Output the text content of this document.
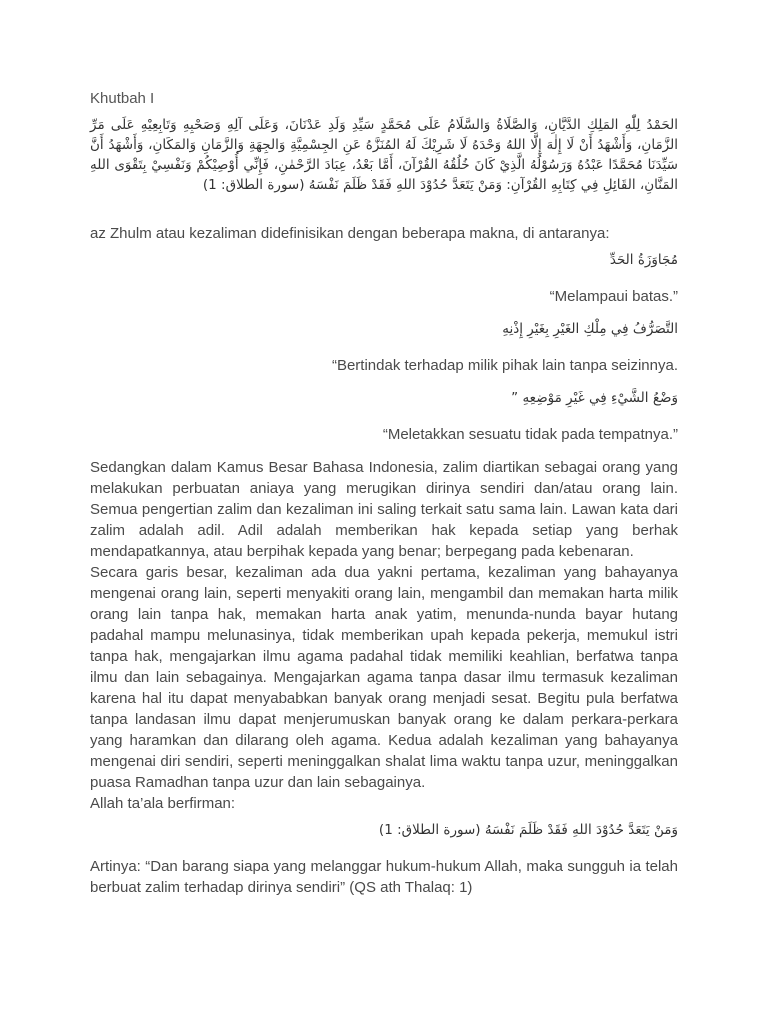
Khutbah I
الحَمْدُ لِلّٰهِ المَلِكِ الدَّيَّانِ، وَالصَّلَاةُ وَالسَّلَامُ عَلَى مُحَمَّدٍ سَيِّدِ وَلَدِ عَدْنَانَ، وَعَلَى آلِهِ وَصَحْبِهِ وَتَابِعِيْهِ عَلَى مَرِّ الزَّمَانِ، وَأَشْهَدُ أَنْ لَا إِلٰهَ إِلَّا اللهُ وَحْدَهُ لَا شَرِيْكَ لَهُ المُنَزَّهُ عَنِ الجِسْمِيَّةِ وَالجِهَةِ وَالزَّمَانِ وَالمَكَانِ، وَأَشْهَدُ أَنَّ سَيِّدَنَا مُحَمَّدًا عَبْدُهُ وَرَسُوْلُهُ الَّذِيْ كَانَ خُلُقُهُ القُرْآنَ، أَمَّا بَعْدُ، عِبَادَ الرَّحْمٰنِ، فَإِنِّي أُوْصِيْكُمْ وَنَفْسِيْ بِتَقْوَى اللهِ المَنَّانِ، القَائِلِ فِي كِتَابِهِ القُرْآنِ: وَمَنْ يَتَعَدَّ حُدُوْدَ اللهِ فَقَدْ ظَلَمَ نَفْسَهُ (سورة الطلاق: 1)

az Zhulm atau kezaliman didefinisikan dengan beberapa makna, di antaranya:

مُجَاوَزَةُ الحَدِّ
“Melampaui batas.”
التَّصَرُّفُ فِي مِلْكِ الغَيْرِ بِغَيْرِ إِذْنِهِ
“Bertindak terhadap milik pihak lain tanpa seizinnya.
وَضْعُ الشَّيْءِ فِي غَيْرِ مَوْضِعِهِ ”
“Meletakkan sesuatu tidak pada tempatnya.”

Sedangkan dalam Kamus Besar Bahasa Indonesia, zalim diartikan sebagai orang yang melakukan perbuatan aniaya yang merugikan dirinya sendiri dan/atau orang lain. Semua pengertian zalim dan kezaliman ini saling terkait satu sama lain. Lawan kata dari zalim adalah adil. Adil adalah memberikan hak kepada setiap yang berhak mendapatkannya, atau berpihak kepada yang benar; berpegang pada kebenaran.

Secara garis besar, kezaliman ada dua yakni pertama, kezaliman yang bahayanya mengenai orang lain, seperti menyakiti orang lain, mengambil dan memakan harta milik orang lain tanpa hak, memakan harta anak yatim, menunda-nunda bayar hutang padahal mampu melunasinya, tidak memberikan upah kepada pekerja, memukul istri tanpa hak, mengajarkan ilmu agama padahal tidak memiliki keahlian, berfatwa tanpa ilmu dan lain sebagainya. Mengajarkan agama tanpa dasar ilmu termasuk kezaliman karena hal itu dapat menyababkan banyak orang menjadi sesat. Begitu pula berfatwa tanpa landasan ilmu dapat menjerumuskan banyak orang ke dalam perkara-perkara yang haramkan dan dilarang oleh agama. Kedua adalah kezaliman yang bahayanya mengenai diri sendiri, seperti meninggalkan shalat lima waktu tanpa uzur, meninggalkan puasa Ramadhan tanpa uzur dan lain sebagainya.

Allah ta’ala berfirman:

وَمَنْ يَتَعَدَّ حُدُوْدَ اللهِ فَقَدْ ظَلَمَ نَفْسَهُ (سورة الطلاق: 1)

Artinya: “Dan barang siapa yang melanggar hukum-hukum Allah, maka sungguh ia telah berbuat zalim terhadap dirinya sendiri” (QS ath Thalaq: 1)
